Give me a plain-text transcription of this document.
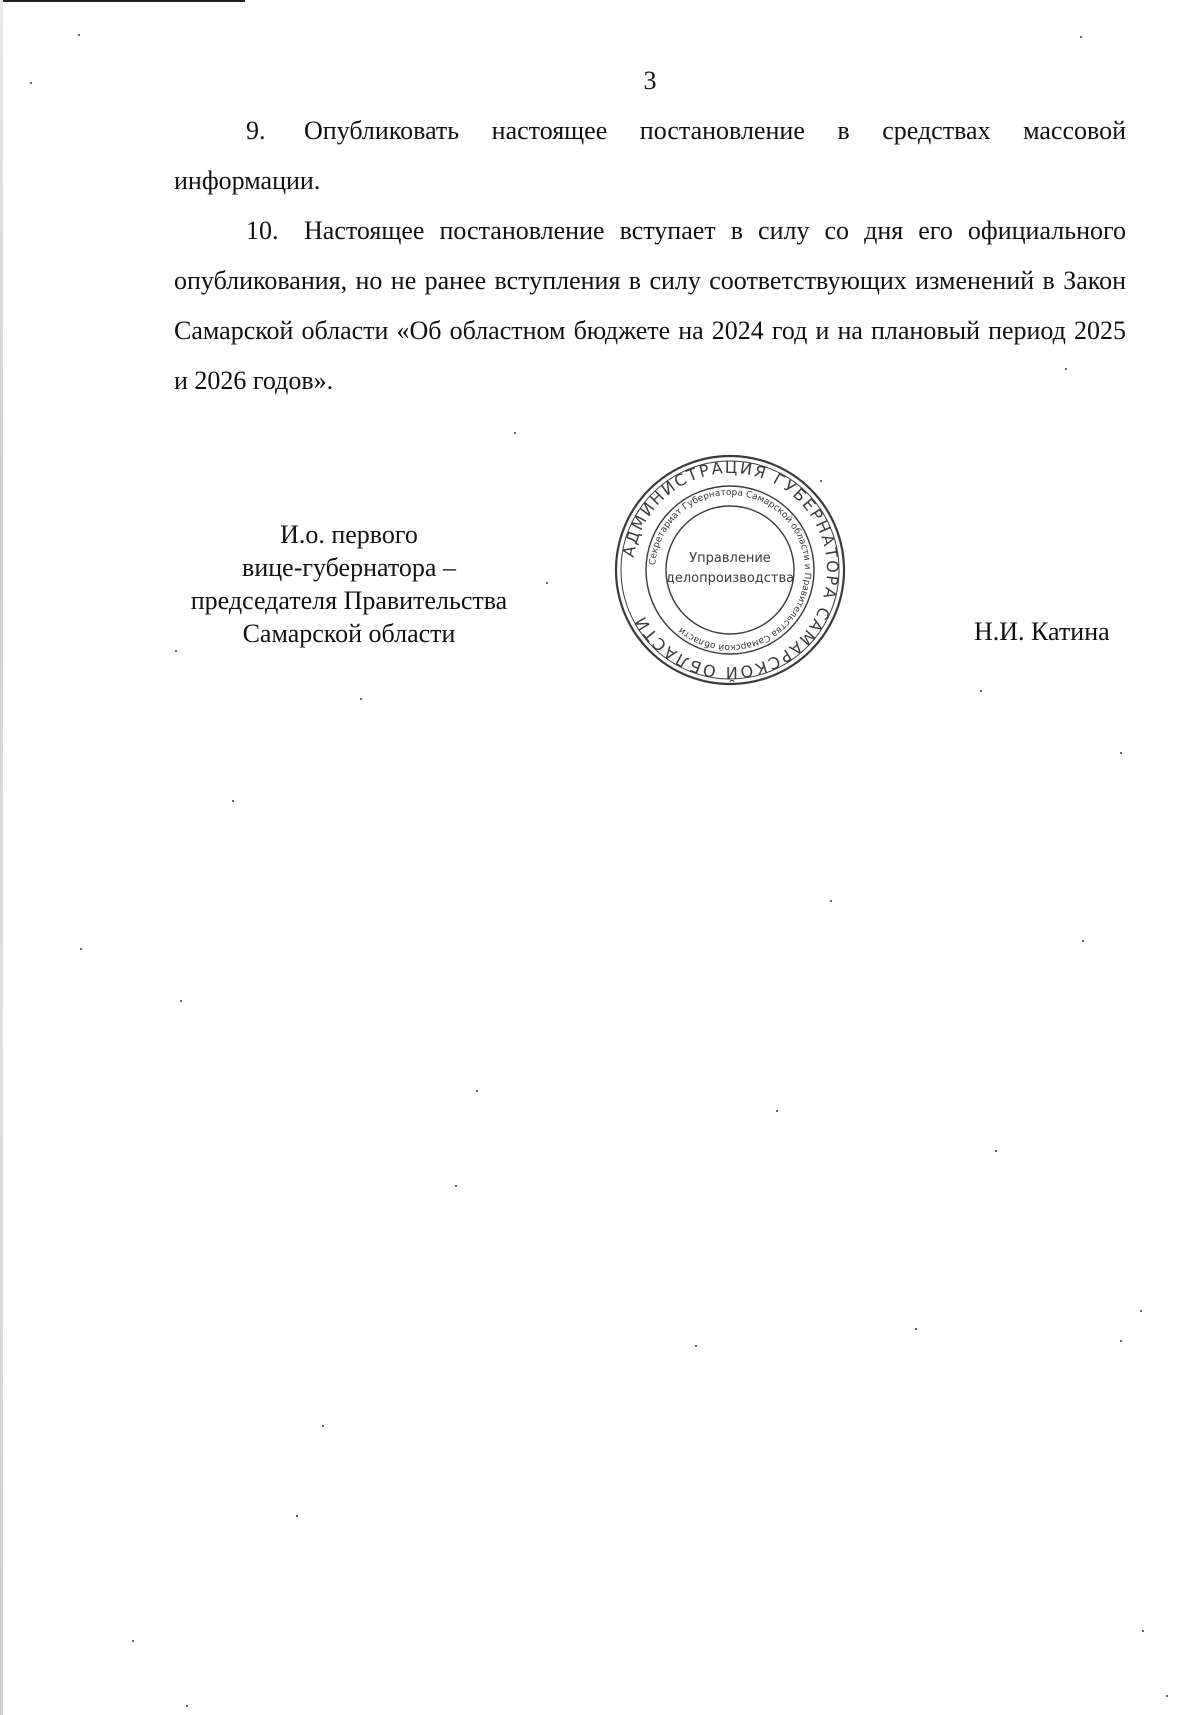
3

9. Опубликовать настоящее постановление в средствах массовой информации.

10. Настоящее постановление вступает в силу со дня его официального опубликования, но не ранее вступления в силу соответствующих изменений в Закон Самарской области «Об областном бюджете на 2024 год и на плановый период 2025 и 2026 годов».

И.о. первого
вице-губернатора –
председателя Правительства
Самарской области
АДМИНИСТРАЦИЯ ГУБЕРНАТОРА САМАРСКОЙ ОБЛАСТИ
Секретариат Губернатора Самарской области и Правительства Самарской области
Управление
делопроизводства
Н.И. Катина
